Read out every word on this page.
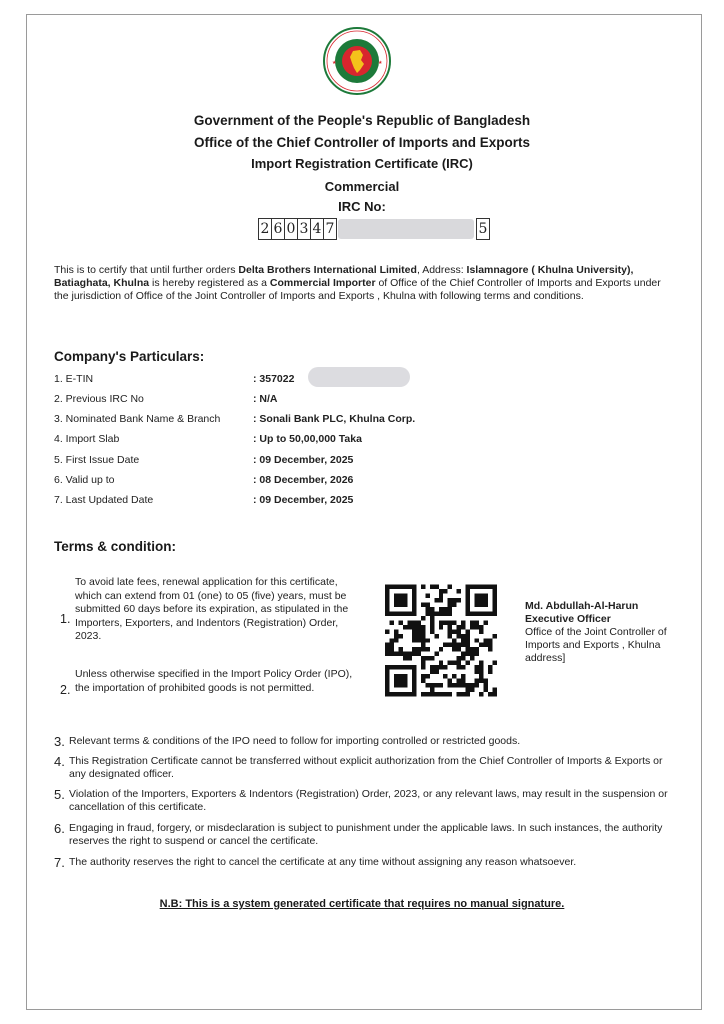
★	★
Government of the People's Republic of Bangladesh
Office of the Chief Controller of Imports and Exports
Import Registration Certificate (IRC)
Commercial
IRC No:
2 6 0 3 4 7	5
This is to certify that until further orders Delta Brothers International Limited, Address: Islamnagore ( Khulna University), Batiaghata, Khulna is hereby registered as a Commercial Importer of Office of the Chief Controller of Imports and Exports under the jurisdiction of Office of the Joint Controller of Imports and Exports , Khulna with following terms and conditions.
Company's Particulars:
1. E-TIN	: 357022
2. Previous IRC No	: N/A
3. Nominated Bank Name & Branch	: Sonali Bank PLC, Khulna Corp.
4. Import Slab	: Up to 50,00,000 Taka
5. First Issue Date	: 09 December, 2025
6. Valid up to	: 08 December, 2026
7. Last Updated Date	: 09 December, 2025
Terms & condition:
1.
To avoid late fees, renewal application for this certificate, which can extend from 01 (one) to 05 (five) years, must be submitted 60 days before its expiration, as stipulated in the Importers, Exporters, and Indentors (Registration) Order, 2023.
2.
Unless otherwise specified in the Import Policy Order (IPO), the importation of prohibited goods is not permitted.
Md. Abdullah-Al-Harun
Executive Officer
Office of the Joint Controller of Imports and Exports , Khulna
address]
3. Relevant terms & conditions of the IPO need to follow for importing controlled or restricted goods.
4. This Registration Certificate cannot be transferred without explicit authorization from the Chief Controller of Imports & Exports or any designated officer.
5. Violation of the Importers, Exporters & Indentors (Registration) Order, 2023, or any relevant laws, may result in the suspension or cancellation of this certificate.
6. Engaging in fraud, forgery, or misdeclaration is subject to punishment under the applicable laws. In such instances, the authority reserves the right to suspend or cancel the certificate.
7. The authority reserves the right to cancel the certificate at any time without assigning any reason whatsoever.
N.B: This is a system generated certificate that requires no manual signature.
